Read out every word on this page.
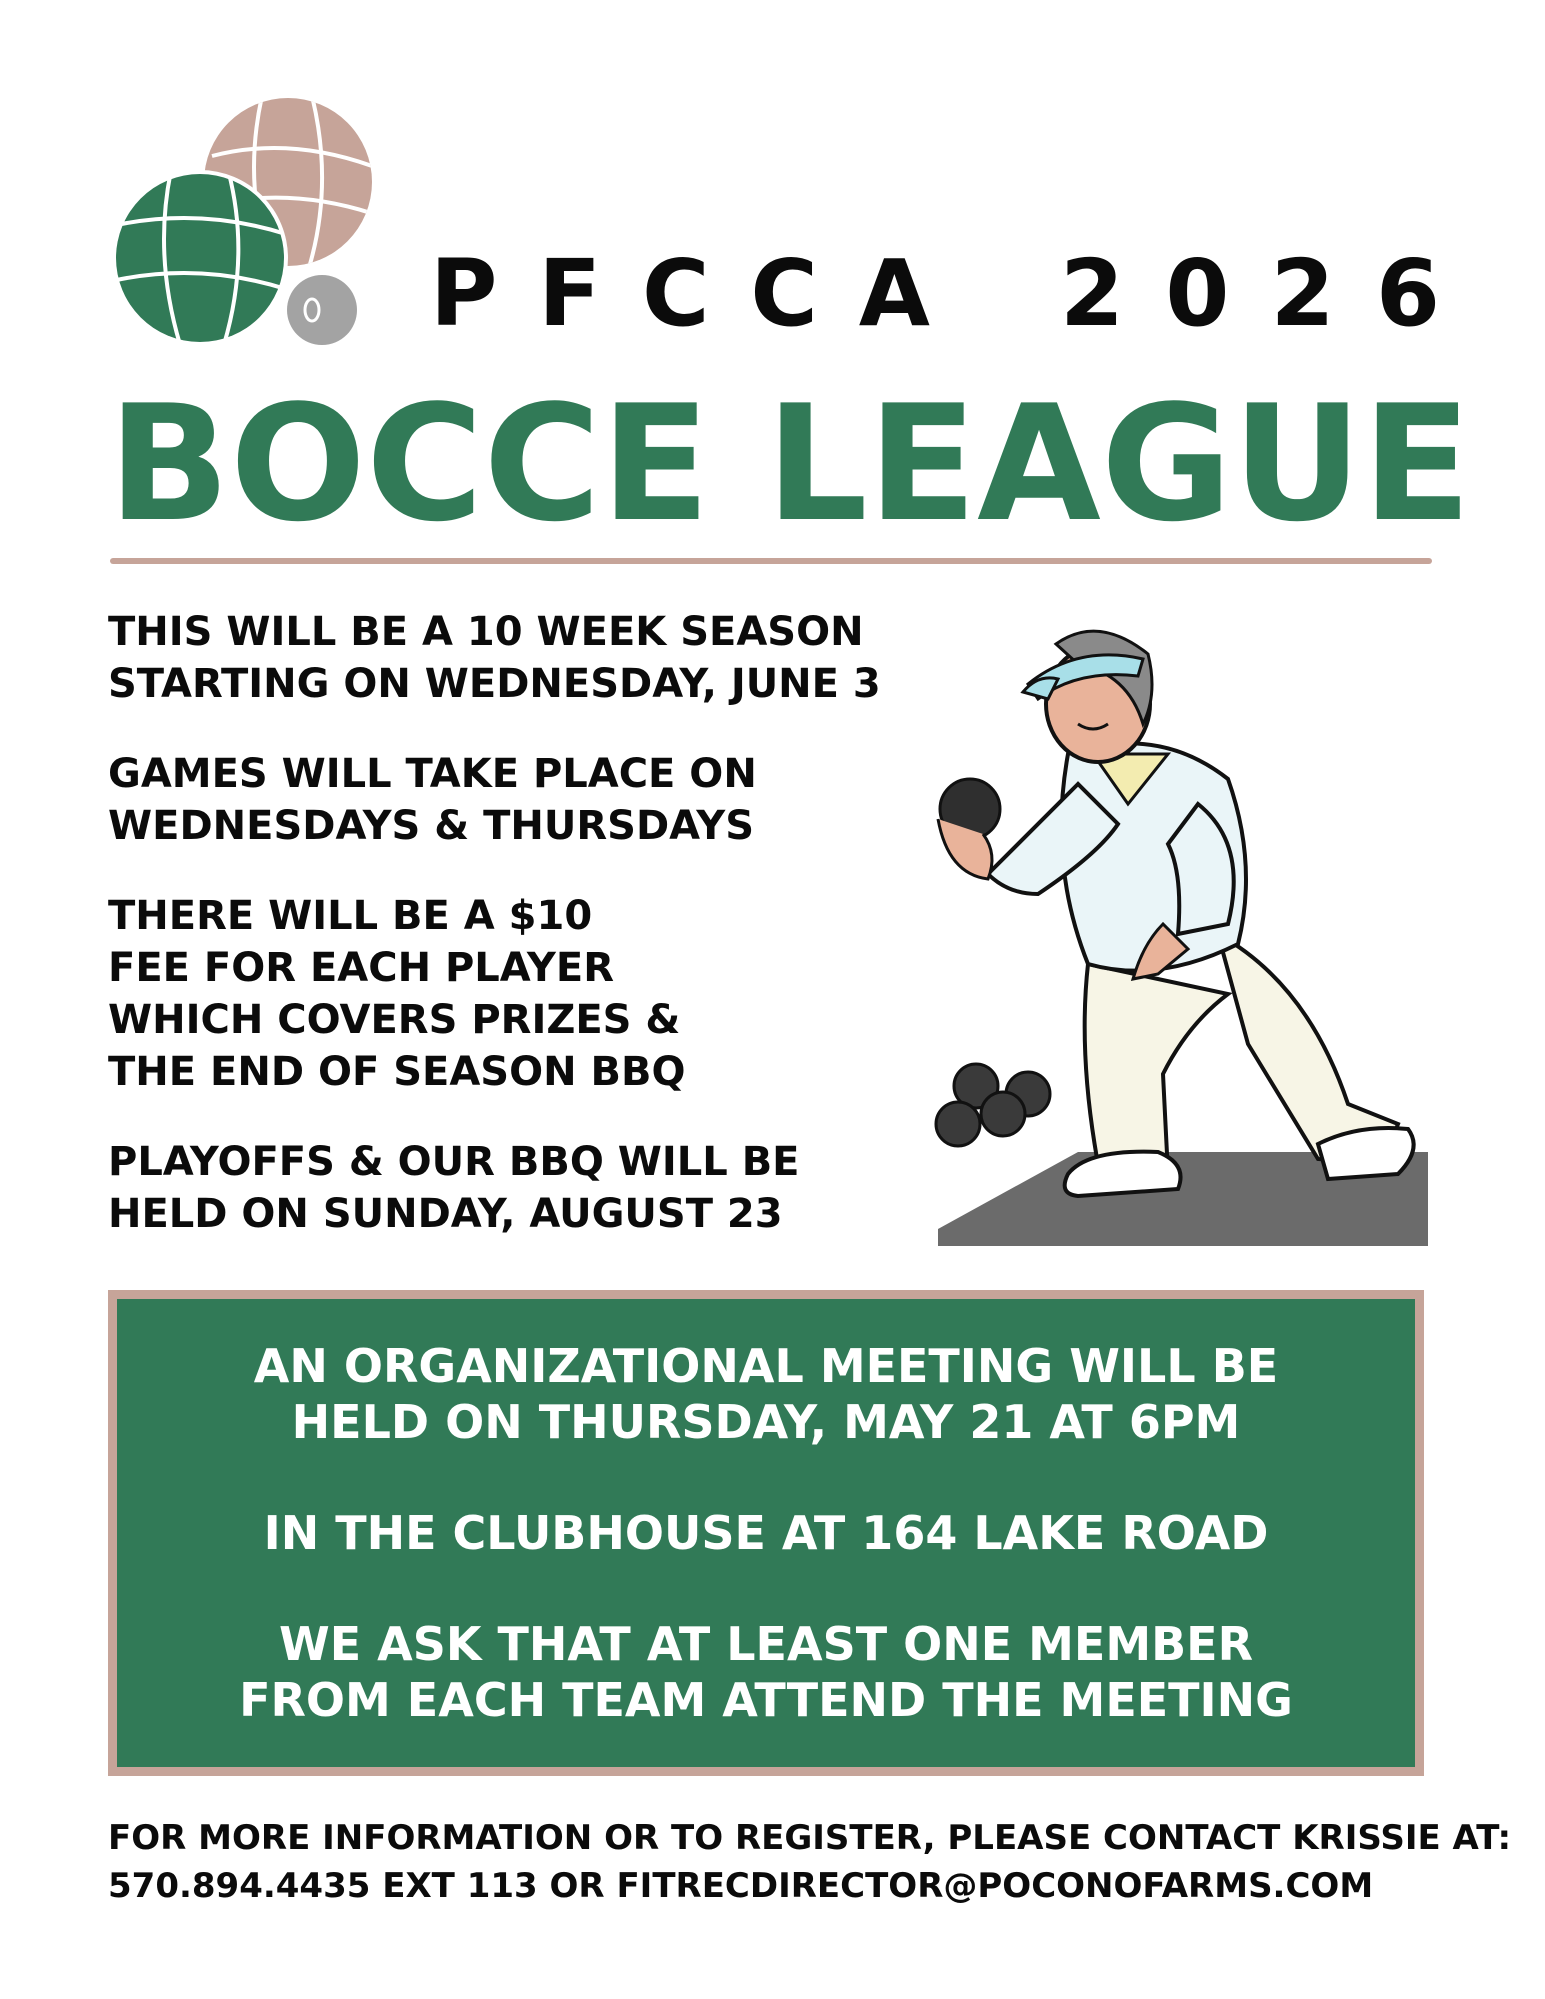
P F C C A 2 0 2 6
BOCCE LEAGUE

THIS WILL BE A 10 WEEK SEASON
STARTING ON WEDNESDAY, JUNE 3

GAMES WILL TAKE PLACE ON
WEDNESDAYS & THURSDAYS

THERE WILL BE A $10
FEE FOR EACH PLAYER
WHICH COVERS PRIZES &
THE END OF SEASON BBQ

PLAYOFFS & OUR BBQ WILL BE
HELD ON SUNDAY, AUGUST 23

AN ORGANIZATIONAL MEETING WILL BE
HELD ON THURSDAY, MAY 21 AT 6PM

IN THE CLUBHOUSE AT 164 LAKE ROAD

WE ASK THAT AT LEAST ONE MEMBER
FROM EACH TEAM ATTEND THE MEETING

FOR MORE INFORMATION OR TO REGISTER, PLEASE CONTACT KRISSIE AT:
570.894.4435 EXT 113 OR FITRECDIRECTOR@POCONOFARMS.COM
